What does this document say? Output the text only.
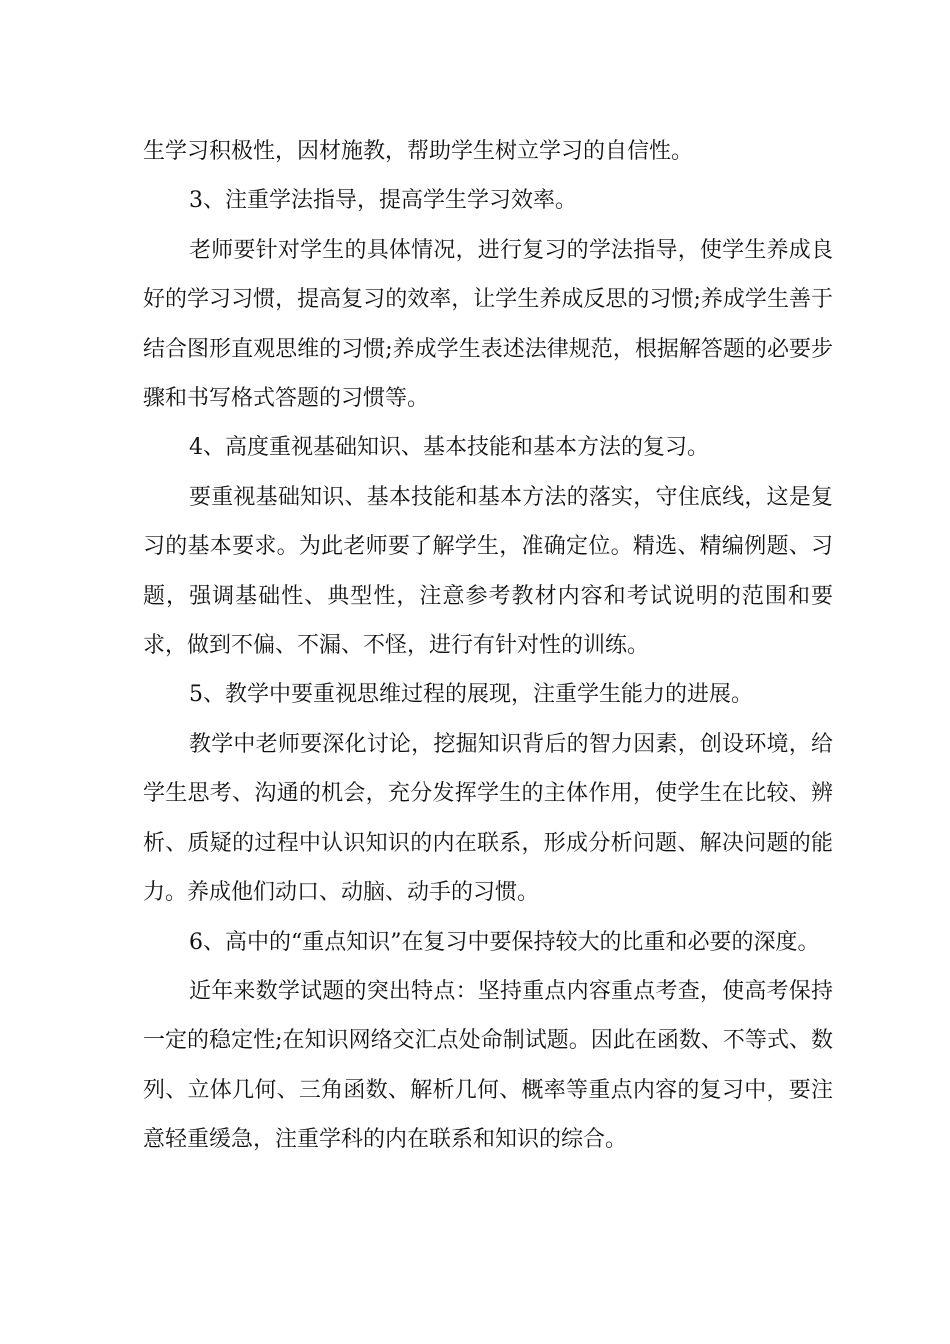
生学习积极性，因材施教，帮助学生树立学习的自信性。

3、注重学法指导，提高学生学习效率。

老师要针对学生的具体情况，进行复习的学法指导，使学生养成良好的学习习惯，提高复习的效率，让学生养成反思的习惯;养成学生善于结合图形直观思维的习惯;养成学生表述法律规范，根据解答题的必要步骤和书写格式答题的习惯等。

4、高度重视基础知识、基本技能和基本方法的复习。

要重视基础知识、基本技能和基本方法的落实，守住底线，这是复习的基本要求。为此老师要了解学生，准确定位。精选、精编例题、习题，强调基础性、典型性，注意参考教材内容和考试说明的范围和要求，做到不偏、不漏、不怪，进行有针对性的训练。

5、教学中要重视思维过程的展现，注重学生能力的进展。

教学中老师要深化讨论，挖掘知识背后的智力因素，创设环境，给学生思考、沟通的机会，充分发挥学生的主体作用，使学生在比较、辨析、质疑的过程中认识知识的内在联系，形成分析问题、解决问题的能力。养成他们动口、动脑、动手的习惯。

6、高中的“重点知识”在复习中要保持较大的比重和必要的深度。

近年来数学试题的突出特点：坚持重点内容重点考查，使高考保持一定的稳定性;在知识网络交汇点处命制试题。因此在函数、不等式、数列、立体几何、三角函数、解析几何、概率等重点内容的复习中，要注意轻重缓急，注重学科的内在联系和知识的综合。
